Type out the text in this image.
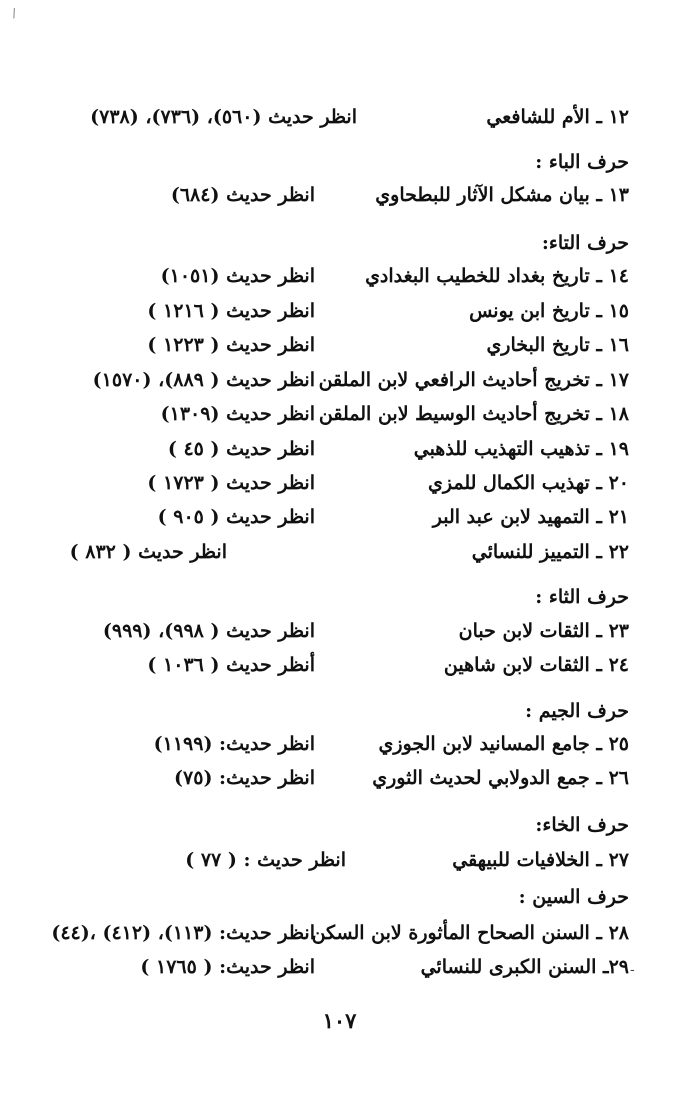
/
١٢ ـ الأم للشافعي
انظر حديث (٥٦٠)، (٧٣٦)، (٧٣٨)
حرف الباء :
١٣ ـ بيان مشكل الآثار للبطحاوي
انظر حديث (٦٨٤)
حرف التاء:
١٤ ـ تاريخ بغداد للخطيب البغدادي
انظر حديث (١٠٥١)
١٥ ـ تاريخ ابن يونس
انظر حديث ( ١٢١٦ )
١٦ ـ تاريخ البخاري
انظر حديث ( ١٢٢٣ )
١٧ ـ تخريج أحاديث الرافعي لابن الملقن
انظر حديث ( ٨٨٩)، (١٥٧٠)
١٨ ـ تخريج أحاديث الوسيط لابن الملقن
انظر حديث (١٣٠٩)
١٩ ـ تذهيب التهذيب للذهبي
انظر حديث ( ٤٥ )
٢٠ ـ تهذيب الكمال للمزي
انظر حديث ( ١٧٢٣ )
٢١ ـ التمهيد لابن عبد البر
انظر حديث ( ٩٠٥ )
٢٢ ـ التمييز للنسائي
انظر حديث ( ٨٣٢ )
حرف الثاء :
٢٣ ـ الثقات لابن حبان
انظر حديث ( ٩٩٨)، (٩٩٩)
٢٤ ـ الثقات لابن شاهين
أنظر حديث ( ١٠٣٦ )
حرف الجيم :
٢٥ ـ جامع المسانيد لابن الجوزي
انظر حديث: (١١٩٩)
٢٦ ـ جمع الدولابي لحديث الثوري
انظر حديث: (٧٥)
حرف الخاء:
٢٧ ـ الخلافيات للبيهقي
انظر حديث : ( ٧٧ )
حرف السين :
٢٨ ـ السنن الصحاح المأثورة لابن السكن
انظر حديث: (١١٣)، (٤١٢) ،(٤٤)
٢٩ـ السنن الكبرى للنسائي
انظر حديث: ( ١٧٦٥ )	-
١٠٧
